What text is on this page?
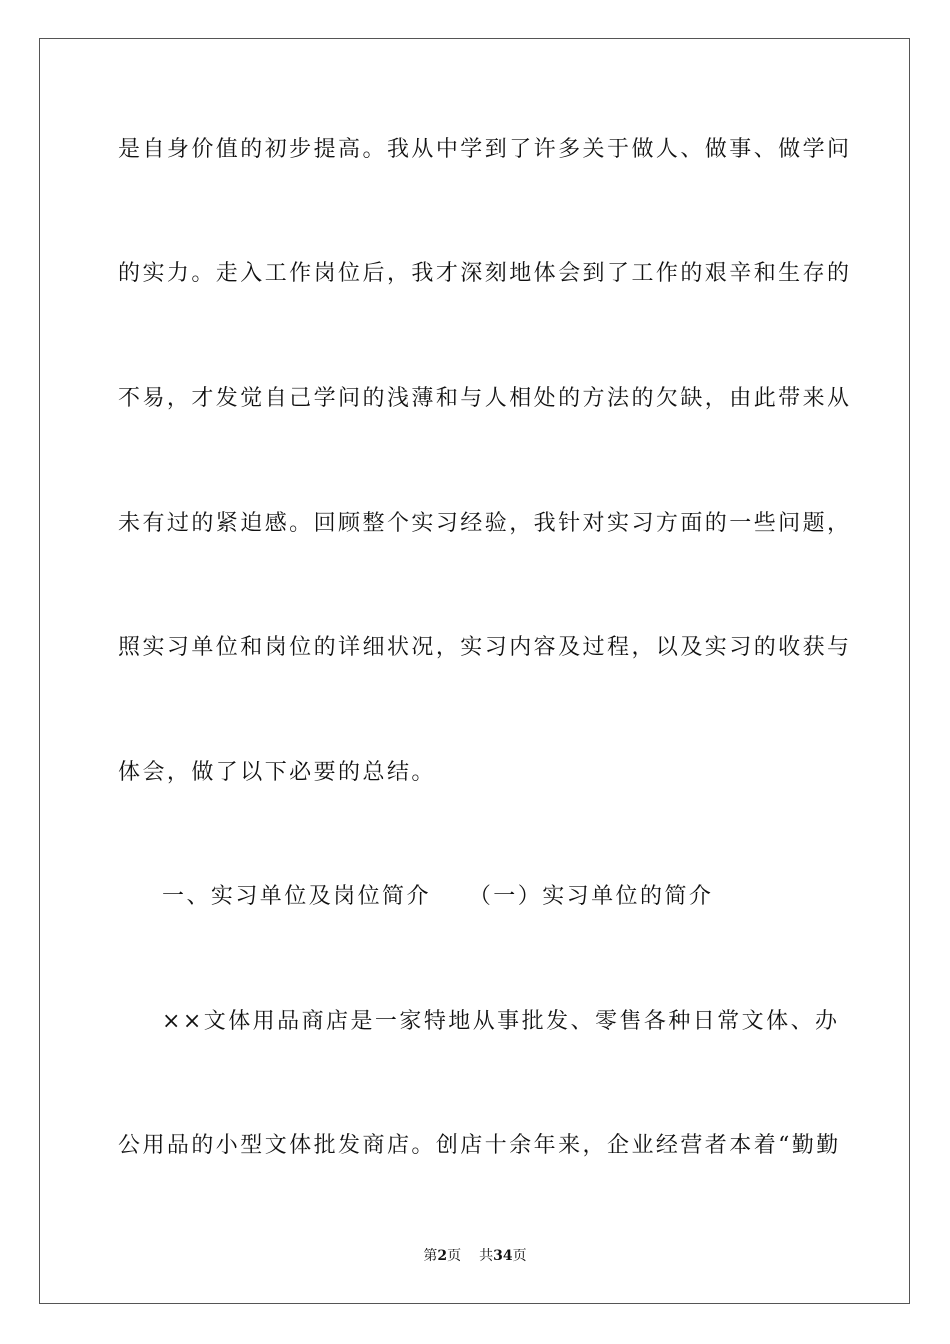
是自身价值的初步提高。我从中学到了许多关于做人、做事、做学问
的实力。走入工作岗位后，我才深刻地体会到了工作的艰辛和生存的
不易，才发觉自己学问的浅薄和与人相处的方法的欠缺，由此带来从
未有过的紧迫感。回顾整个实习经验，我针对实习方面的一些问题，
照实习单位和岗位的详细状况，实习内容及过程，以及实习的收获与
体会，做了以下必要的总结。
一、实习单位及岗位简介　　（一）实习单位的简介
××文体用品商店是一家特地从事批发、零售各种日常文体、办
公用品的小型文体批发商店。创店十余年来，企业经营者本着“勤勤
第2页 共34页
